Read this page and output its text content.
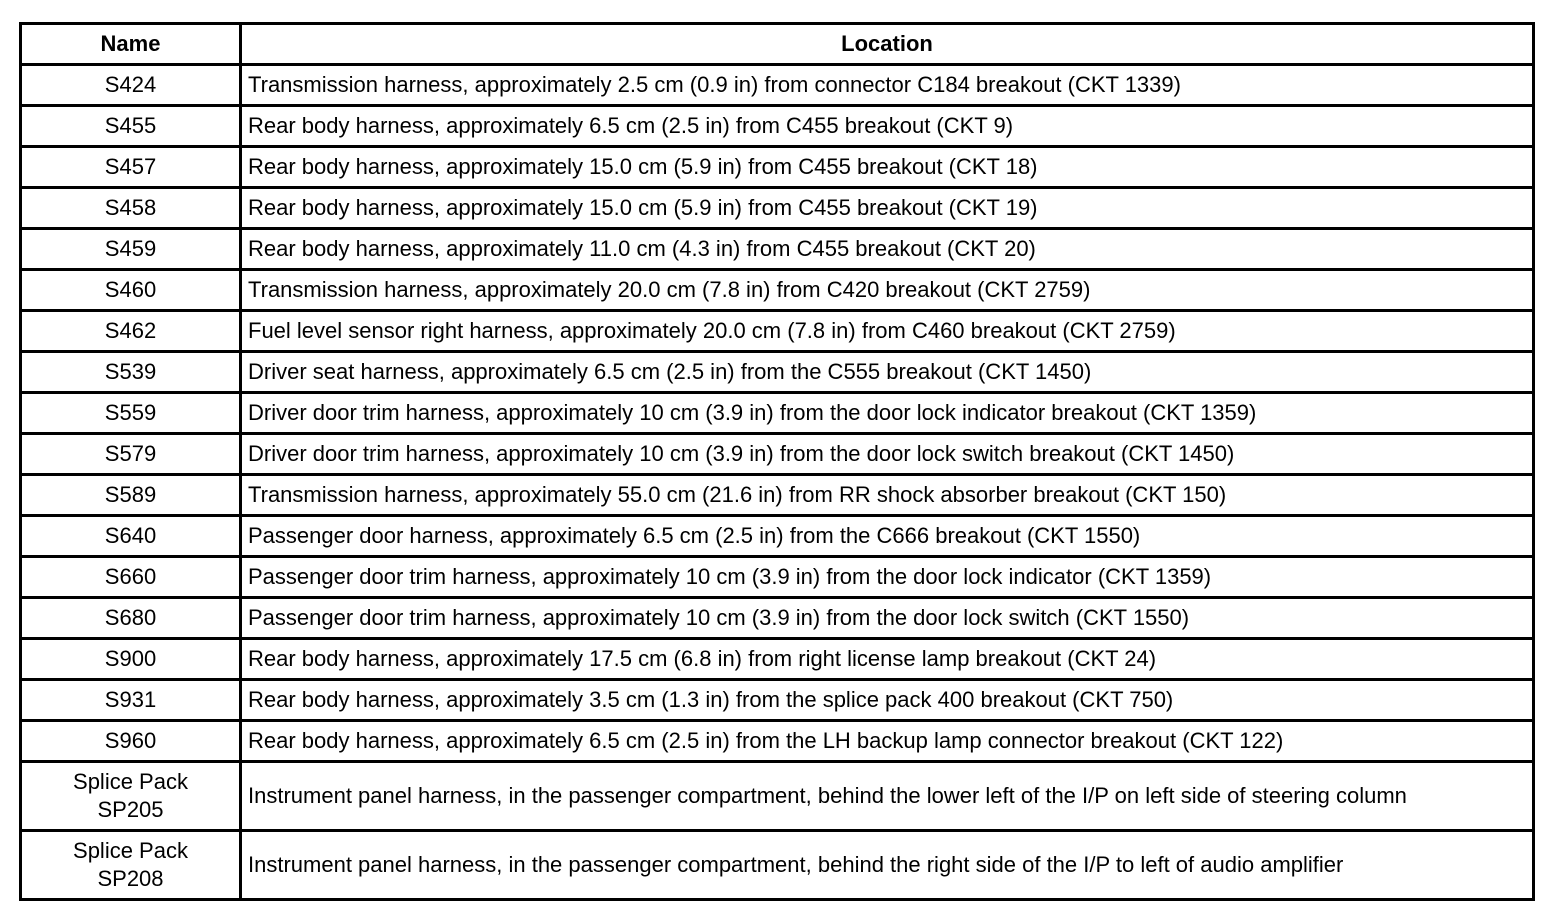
Name	Location
S424	Transmission harness, approximately 2.5 cm (0.9 in) from connector C184 breakout (CKT 1339)
S455	Rear body harness, approximately 6.5 cm (2.5 in) from C455 breakout (CKT 9)
S457	Rear body harness, approximately 15.0 cm (5.9 in) from C455 breakout (CKT 18)
S458	Rear body harness, approximately 15.0 cm (5.9 in) from C455 breakout (CKT 19)
S459	Rear body harness, approximately 11.0 cm (4.3 in) from C455 breakout (CKT 20)
S460	Transmission harness, approximately 20.0 cm (7.8 in) from C420 breakout (CKT 2759)
S462	Fuel level sensor right harness, approximately 20.0 cm (7.8 in) from C460 breakout (CKT 2759)
S539	Driver seat harness, approximately 6.5 cm (2.5 in) from the C555 breakout (CKT 1450)
S559	Driver door trim harness, approximately 10 cm (3.9 in) from the door lock indicator breakout (CKT 1359)
S579	Driver door trim harness, approximately 10 cm (3.9 in) from the door lock switch breakout (CKT 1450)
S589	Transmission harness, approximately 55.0 cm (21.6 in) from RR shock absorber breakout (CKT 150)
S640	Passenger door harness, approximately 6.5 cm (2.5 in) from the C666 breakout (CKT 1550)
S660	Passenger door trim harness, approximately 10 cm (3.9 in) from the door lock indicator (CKT 1359)
S680	Passenger door trim harness, approximately 10 cm (3.9 in) from the door lock switch (CKT 1550)
S900	Rear body harness, approximately 17.5 cm (6.8 in) from right license lamp breakout (CKT 24)
S931	Rear body harness, approximately 3.5 cm (1.3 in) from the splice pack 400 breakout (CKT 750)
S960	Rear body harness, approximately 6.5 cm (2.5 in) from the LH backup lamp connector breakout (CKT 122)
Splice Pack
SP205	Instrument panel harness, in the passenger compartment, behind the lower left of the I/P on left side of steering column
Splice Pack
SP208	Instrument panel harness, in the passenger compartment, behind the right side of the I/P to left of audio amplifier
